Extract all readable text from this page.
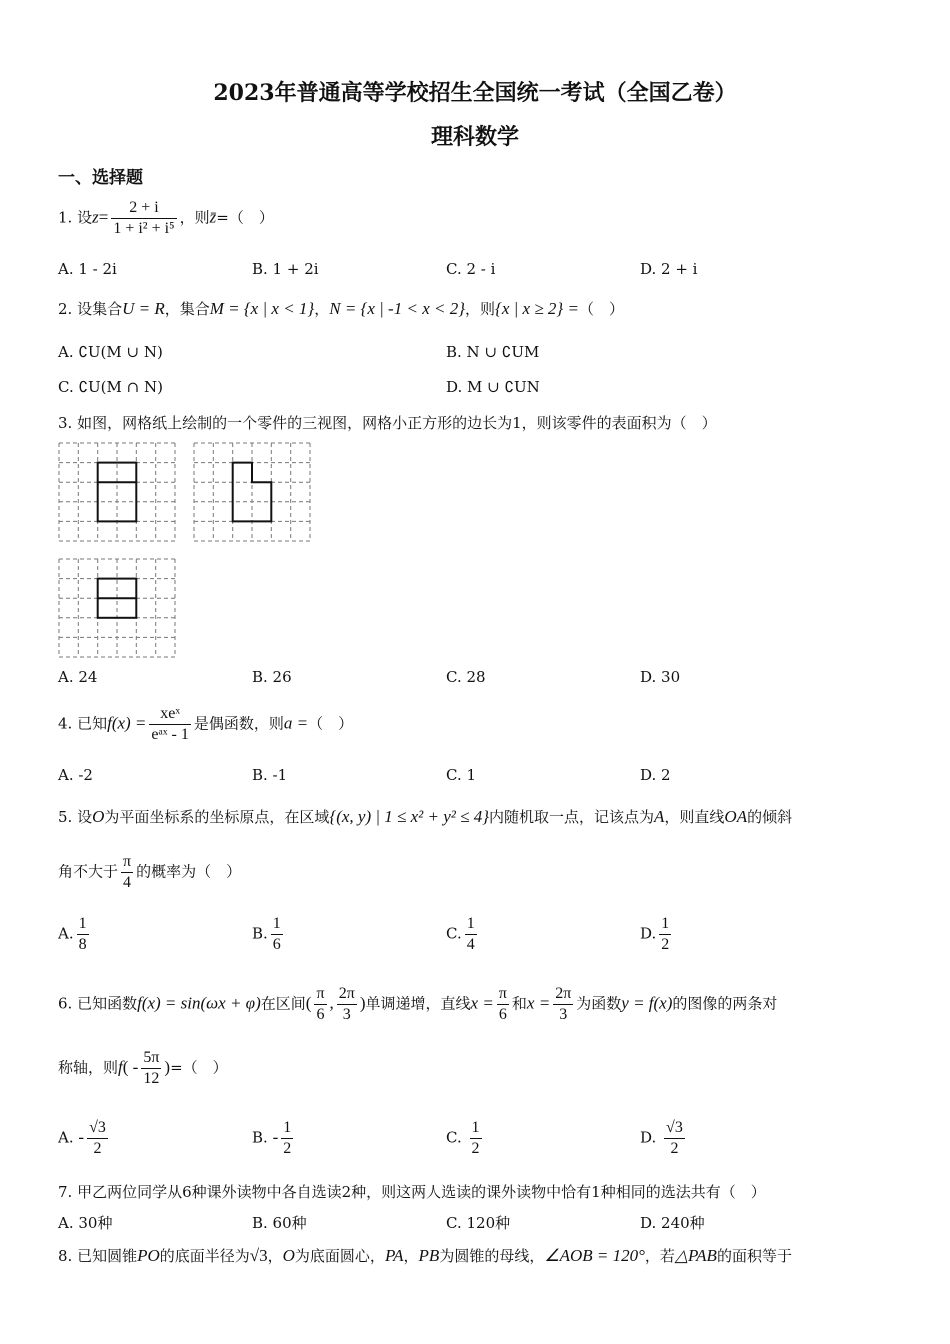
2023年普通高等学校招生全国统一考试（全国乙卷）
理科数学
一、选择题
1. 设$z= \frac{2 + i}{\text{1 + i² + i⁵}}$ ，则z̄=（　）
A. 1 - 2i	B. 1 + 2i	C. 2 - i	D. 2 + i
2. 设集合U = R，集合M = {x | x < 1}，N = {x | -1 < x < 2}，则{x | x ≥ 2} =（　）
A. ∁U(M ∪ N)	B. N ∪ ∁UM
C. ∁U(M ∩ N)	D. M ∪ ∁UN
3. 如图，网格纸上绘制的一个零件的三视图，网格小正方形的边长为1，则该零件的表面积为（　）
A. 24	B. 26	C. 28	D. 30
4. 已知$f(x) = \frac{\text{xeˣ}}{\text{eᵃˣ - 1}}$ 是偶函数，则a =（　）
A. -2	B. -1	C. 1	D. 2
5. 设O为平面坐标系的坐标原点，在区域{(x, y) | 1 ≤ x² + y² ≤ 4}内随机取一点，记该点为A，则直线OA的倾斜
角不大于 $\frac{\pi}{4}$ 的概率为（　）
A. $\frac{1}{8}$	B. $\frac{1}{6}$	C. $\frac{1}{4}$	D. $\frac{1}{2}$
6. 已知函数f(x) = sin(ωx + φ)在区间( $\frac{\pi}{6}$ , $\frac{2\pi}{3}$ )单调递增，直线$x = \frac{\pi}{6}$ 和$x = \frac{2\pi}{3}$ 为函数y = f(x)的图像的两条对
称轴，则$f( - \frac{5\pi}{12}$ )=（　）
A. - $\frac{√3}{2}$	B. - $\frac{1}{2}$	C. $\frac{1}{2}$	D. $\frac{√3}{2}$
7. 甲乙两位同学从6种课外读物中各自选读2种，则这两人选读的课外读物中恰有1种相同的选法共有（　）
A. 30种	B. 60种	C. 120种	D. 240种
8. 已知圆锥PO的底面半径为√3，O为底面圆心，PA，PB为圆锥的母线，∠AOB = 120°，若△PAB的面积等于
